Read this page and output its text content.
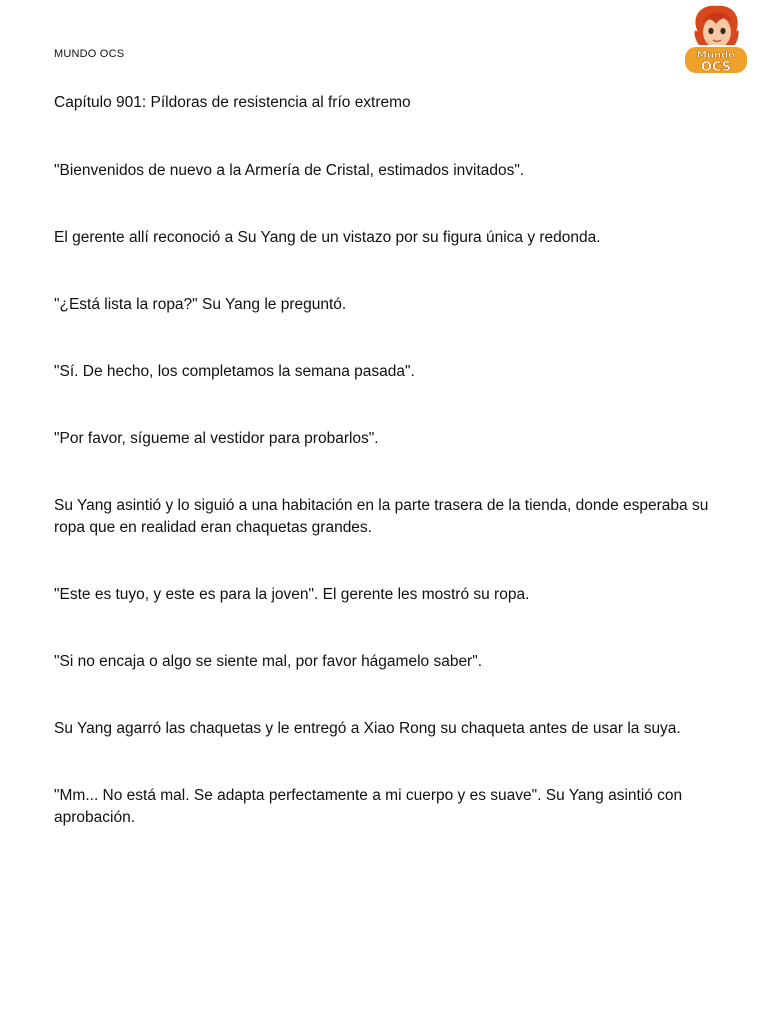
MUNDO OCS	Mundo
OCS

Capítulo 901: Píldoras de resistencia al frío extremo

"Bienvenidos de nuevo a la Armería de Cristal, estimados invitados".

El gerente allí reconoció a Su Yang de un vistazo por su figura única y redonda.

"¿Está lista la ropa?" Su Yang le preguntó.

"Sí. De hecho, los completamos la semana pasada".

"Por favor, sígueme al vestidor para probarlos".

Su Yang asintió y lo siguió a una habitación en la parte trasera de la tienda, donde esperaba su ropa que en realidad eran chaquetas grandes.

"Este es tuyo, y este es para la joven". El gerente les mostró su ropa.

"Si no encaja o algo se siente mal, por favor hágamelo saber".

Su Yang agarró las chaquetas y le entregó a Xiao Rong su chaqueta antes de usar la suya.

"Mm... No está mal. Se adapta perfectamente a mi cuerpo y es suave". Su Yang asintió con aprobación.
